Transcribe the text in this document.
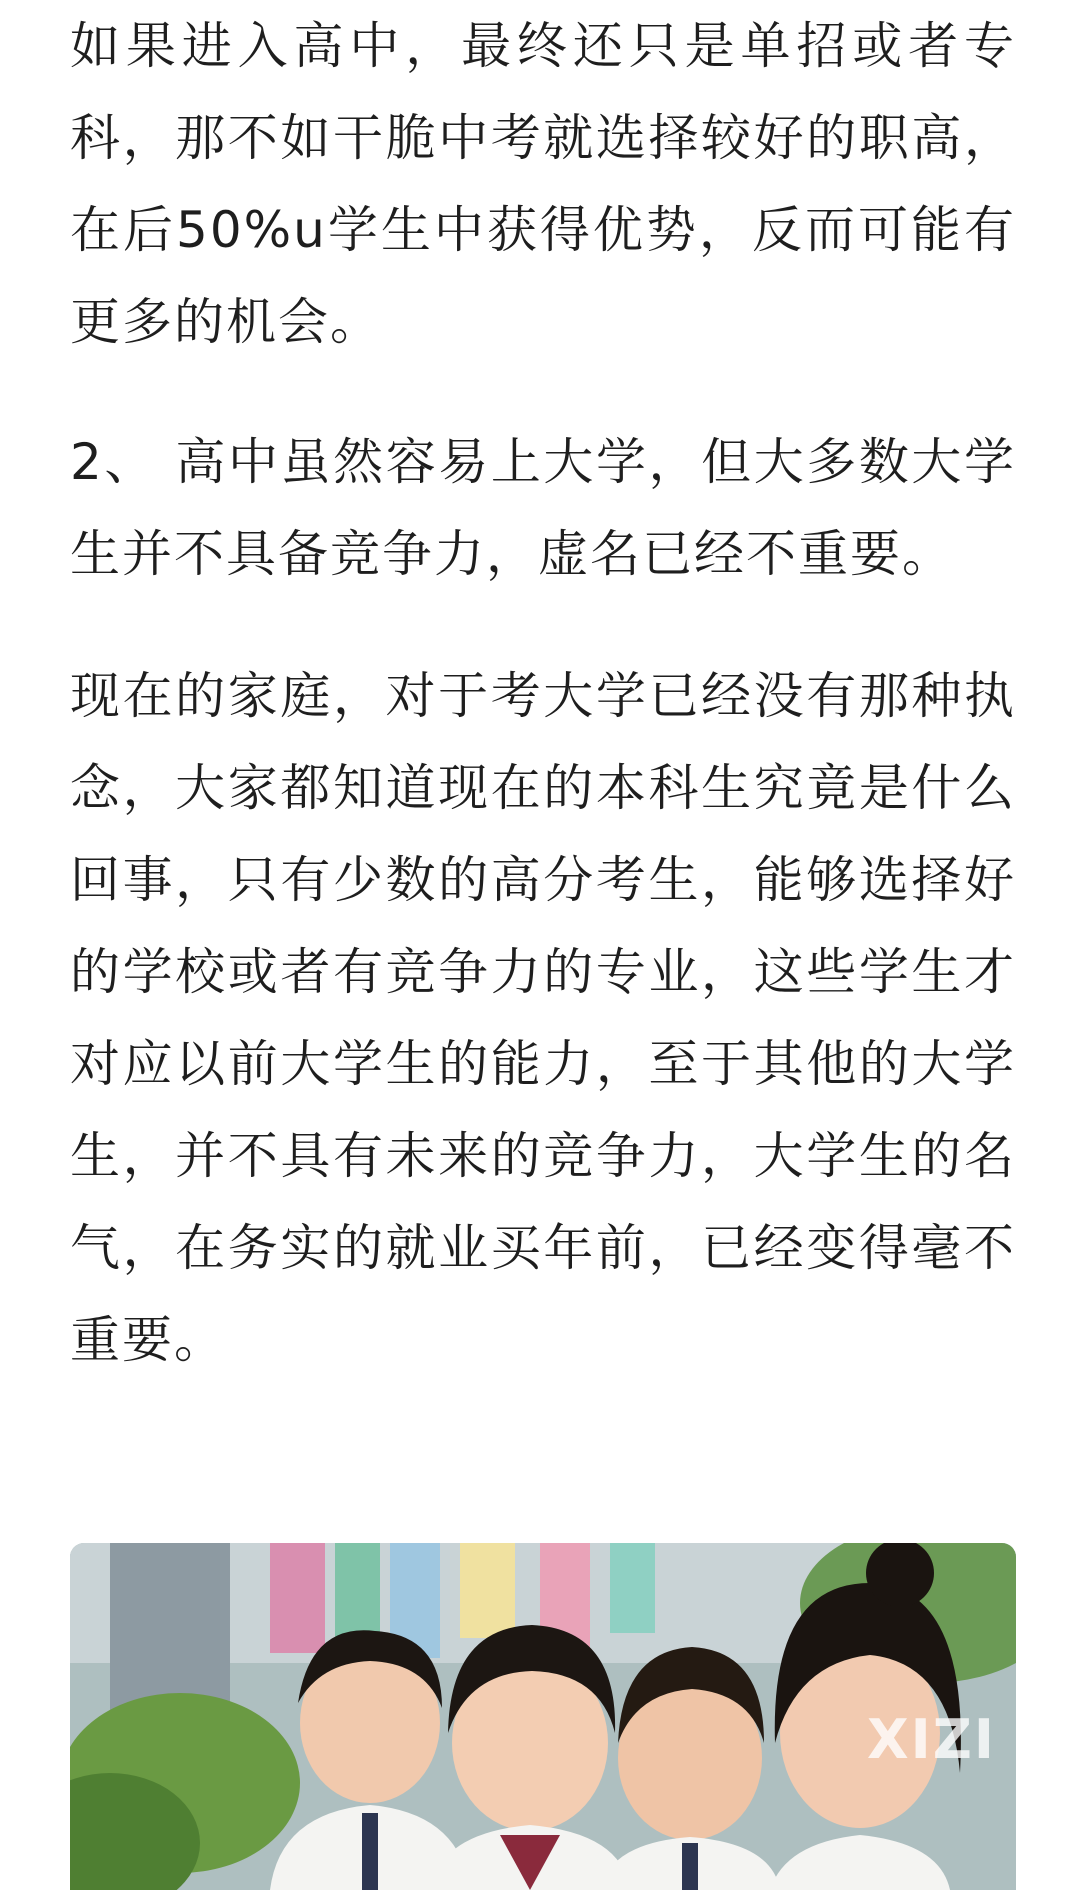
如果进入高中，最终还只是单招或者专科，那不如干脆中考就选择较好的职高，在后50%u学生中获得优势，反而可能有更多的机会。

2、 高中虽然容易上大学，但大多数大学生并不具备竞争力，虚名已经不重要。

现在的家庭，对于考大学已经没有那种执念，大家都知道现在的本科生究竟是什么回事，只有少数的高分考生，能够选择好的学校或者有竞争力的专业，这些学生才对应以前大学生的能力，至于其他的大学生，并不具有未来的竞争力，大学生的名气，在务实的就业买年前，已经变得毫不重要。

XIZI
